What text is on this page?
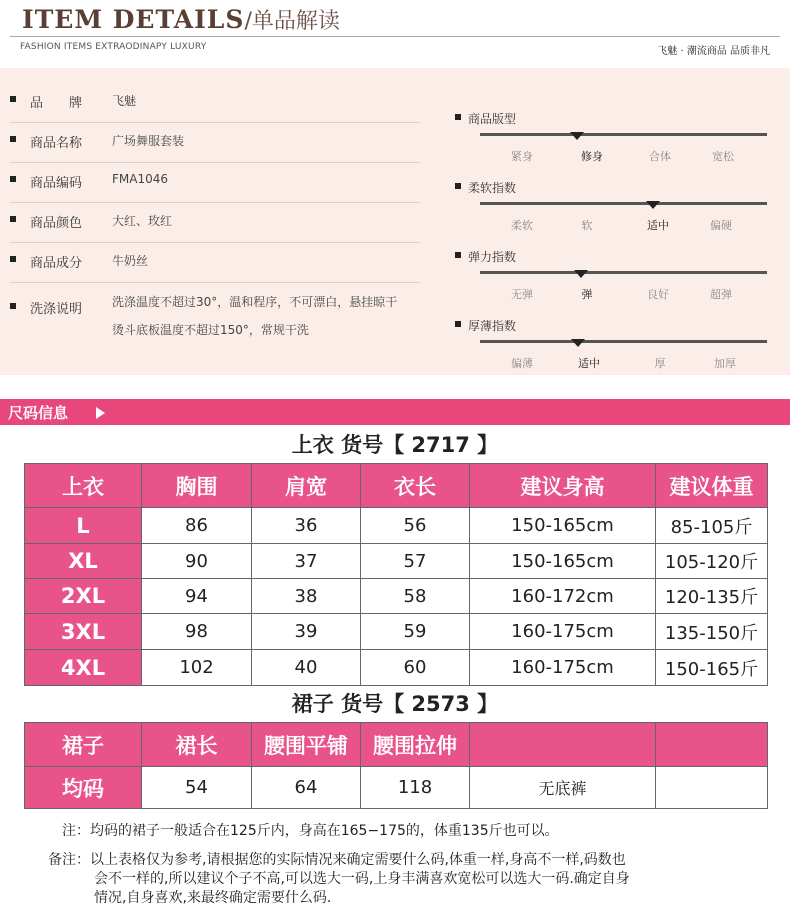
ITEM DETAILS/单品解读
FASHION ITEMS EXTRAODINAPY LUXURY	飞魅 · 潮流商品 品质非凡
品　　牌 飞魅
商品名称 广场舞服套装
商品编码 FMA1046
商品颜色 大红、玫红
商品成分 牛奶丝
洗涤说明 洗涤温度不超过30°，温和程序，不可漂白，悬挂晾干
烫斗底板温度不超过150°，常规干洗
商品版型
紧身	修身	合体	宽松
柔软指数
柔软	软	适中	偏硬
弹力指数
无弹	弹	良好	超弹
厚薄指数
偏薄	适中	厚	加厚
尺码信息
上衣 货号【 2717 】
上衣	胸围	肩宽	衣长	建议身高	建议体重
L	86	36	56	150-165cm	85-105斤
XL	90	37	57	150-165cm	105-120斤
2XL	94	38	58	160-172cm	120-135斤
3XL	98	39	59	160-175cm	135-150斤
4XL	102	40	60	160-175cm	150-165斤
裙子 货号【 2573 】
裙子	裙长	腰围平铺	腰围拉伸		
均码	54	64	118	无底裤	
注：均码的裙子一般适合在125斤内，身高在165−175的，体重135斤也可以。
备注：以上表格仅为参考,请根据您的实际情况来确定需要什么码,体重一样,身高不一样,码数也
会不一样的,所以建议个子不高,可以选大一码,上身丰满喜欢宽松可以选大一码.确定自身
情况,自身喜欢,来最终确定需要什么码.
